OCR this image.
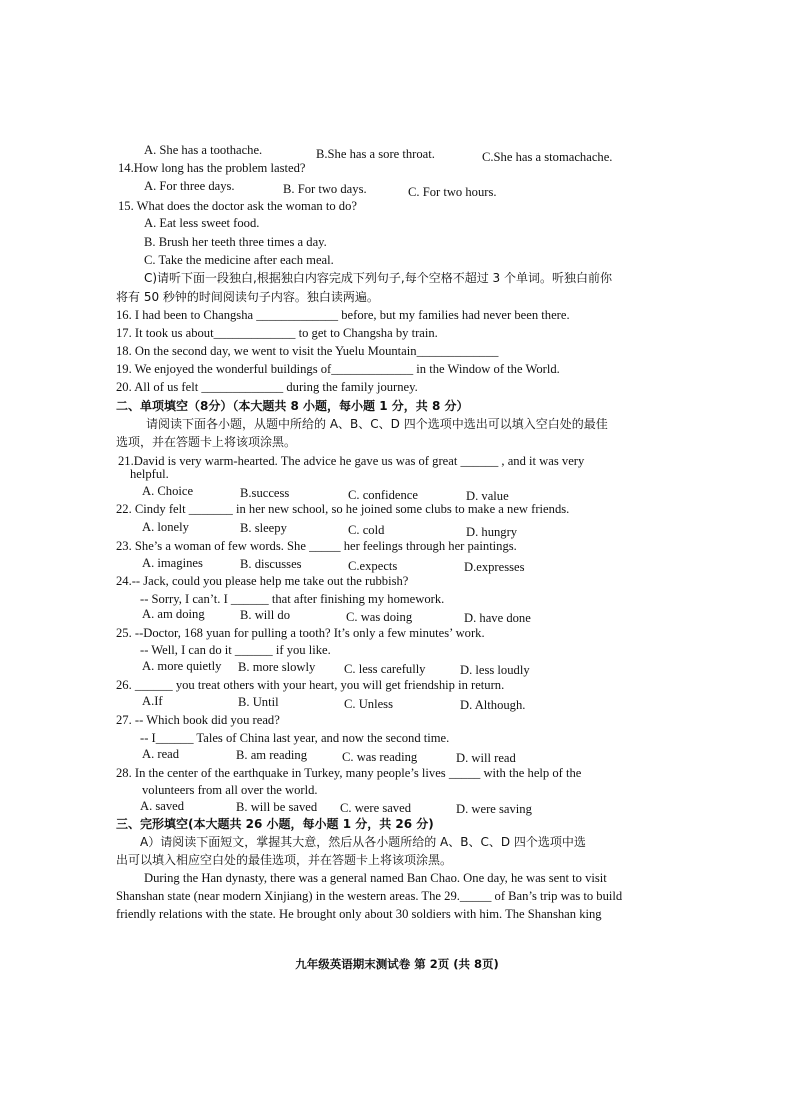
A. She has a toothache.	B.She has a sore throat.	C.She has a stomachache.
14.How long has the problem lasted?
A. For three days.	B. For two days.	C. For two hours.
15. What does the doctor ask the woman to do?
A. Eat less sweet food.
B. Brush her teeth three times a day.
C. Take the medicine after each meal.
C)请听下面一段独白,根据独白内容完成下列句子,每个空格不超过 3 个单词。听独白前你
将有 50 秒钟的时间阅读句子内容。独白读两遍。
16. I had been to Changsha _____________ before, but my families had never been there.
17. It took us about_____________ to get to Changsha by train.
18. On the second day, we went to visit the Yuelu Mountain_____________
19. We enjoyed the wonderful buildings of_____________ in the Window of the World.
20. All of us felt _____________ during the family journey.
二、单项填空（8分）（本大题共 8 小题，每小题 1 分，共 8 分）
请阅读下面各小题，从题中所给的 A、B、C、D 四个选项中选出可以填入空白处的最佳
选项，并在答题卡上将该项涂黑。
21.David is very warm-hearted. The advice he gave us was of great ______ , and it was very
helpful.
A. Choice	B.success	C. confidence	D. value
22. Cindy felt _______ in her new school, so he joined some clubs to make a new friends.
A. lonely	B. sleepy	C. cold	D. hungry
23. She’s a woman of few words. She _____ her feelings through her paintings.
A. imagines	B. discusses	C.expects	D.expresses
24.-- Jack, could you please help me take out the rubbish?
-- Sorry, I can’t. I ______ that after finishing my homework.
A. am doing	B. will do	C. was doing	D. have done
25. --Doctor, 168 yuan for pulling a tooth? It’s only a few minutes’ work.
-- Well, I can do it ______ if you like.
A. more quietly B. more slowly C. less carefully	D. less loudly
26. ______ you treat others with your heart, you will get friendship in return.
A.If	B. Until	C. Unless	D. Although.
27. -- Which book did you read?
-- I______ Tales of China last year, and now the second time.
A. read	B. am reading	C. was reading	D. will read
28. In the center of the earthquake in Turkey, many people’s lives _____ with the help of the
volunteers from all over the world.
A. saved	B. will be saved C. were saved	D. were saving
三、完形填空(本大题共 26 小题，每小题 1 分，共 26 分)
A）请阅读下面短文，掌握其大意，然后从各小题所给的 A、B、C、D 四个选项中选
出可以填入相应空白处的最佳选项，并在答题卡上将该项涂黑。
During the Han dynasty, there was a general named Ban Chao. One day, he was sent to visit
Shanshan state (near modern Xinjiang) in the western areas. The 29._____ of Ban’s trip was to build
friendly relations with the state. He brought only about 30 soldiers with him. The Shanshan king
九年级英语期末测试卷 第 2页 (共 8页)
